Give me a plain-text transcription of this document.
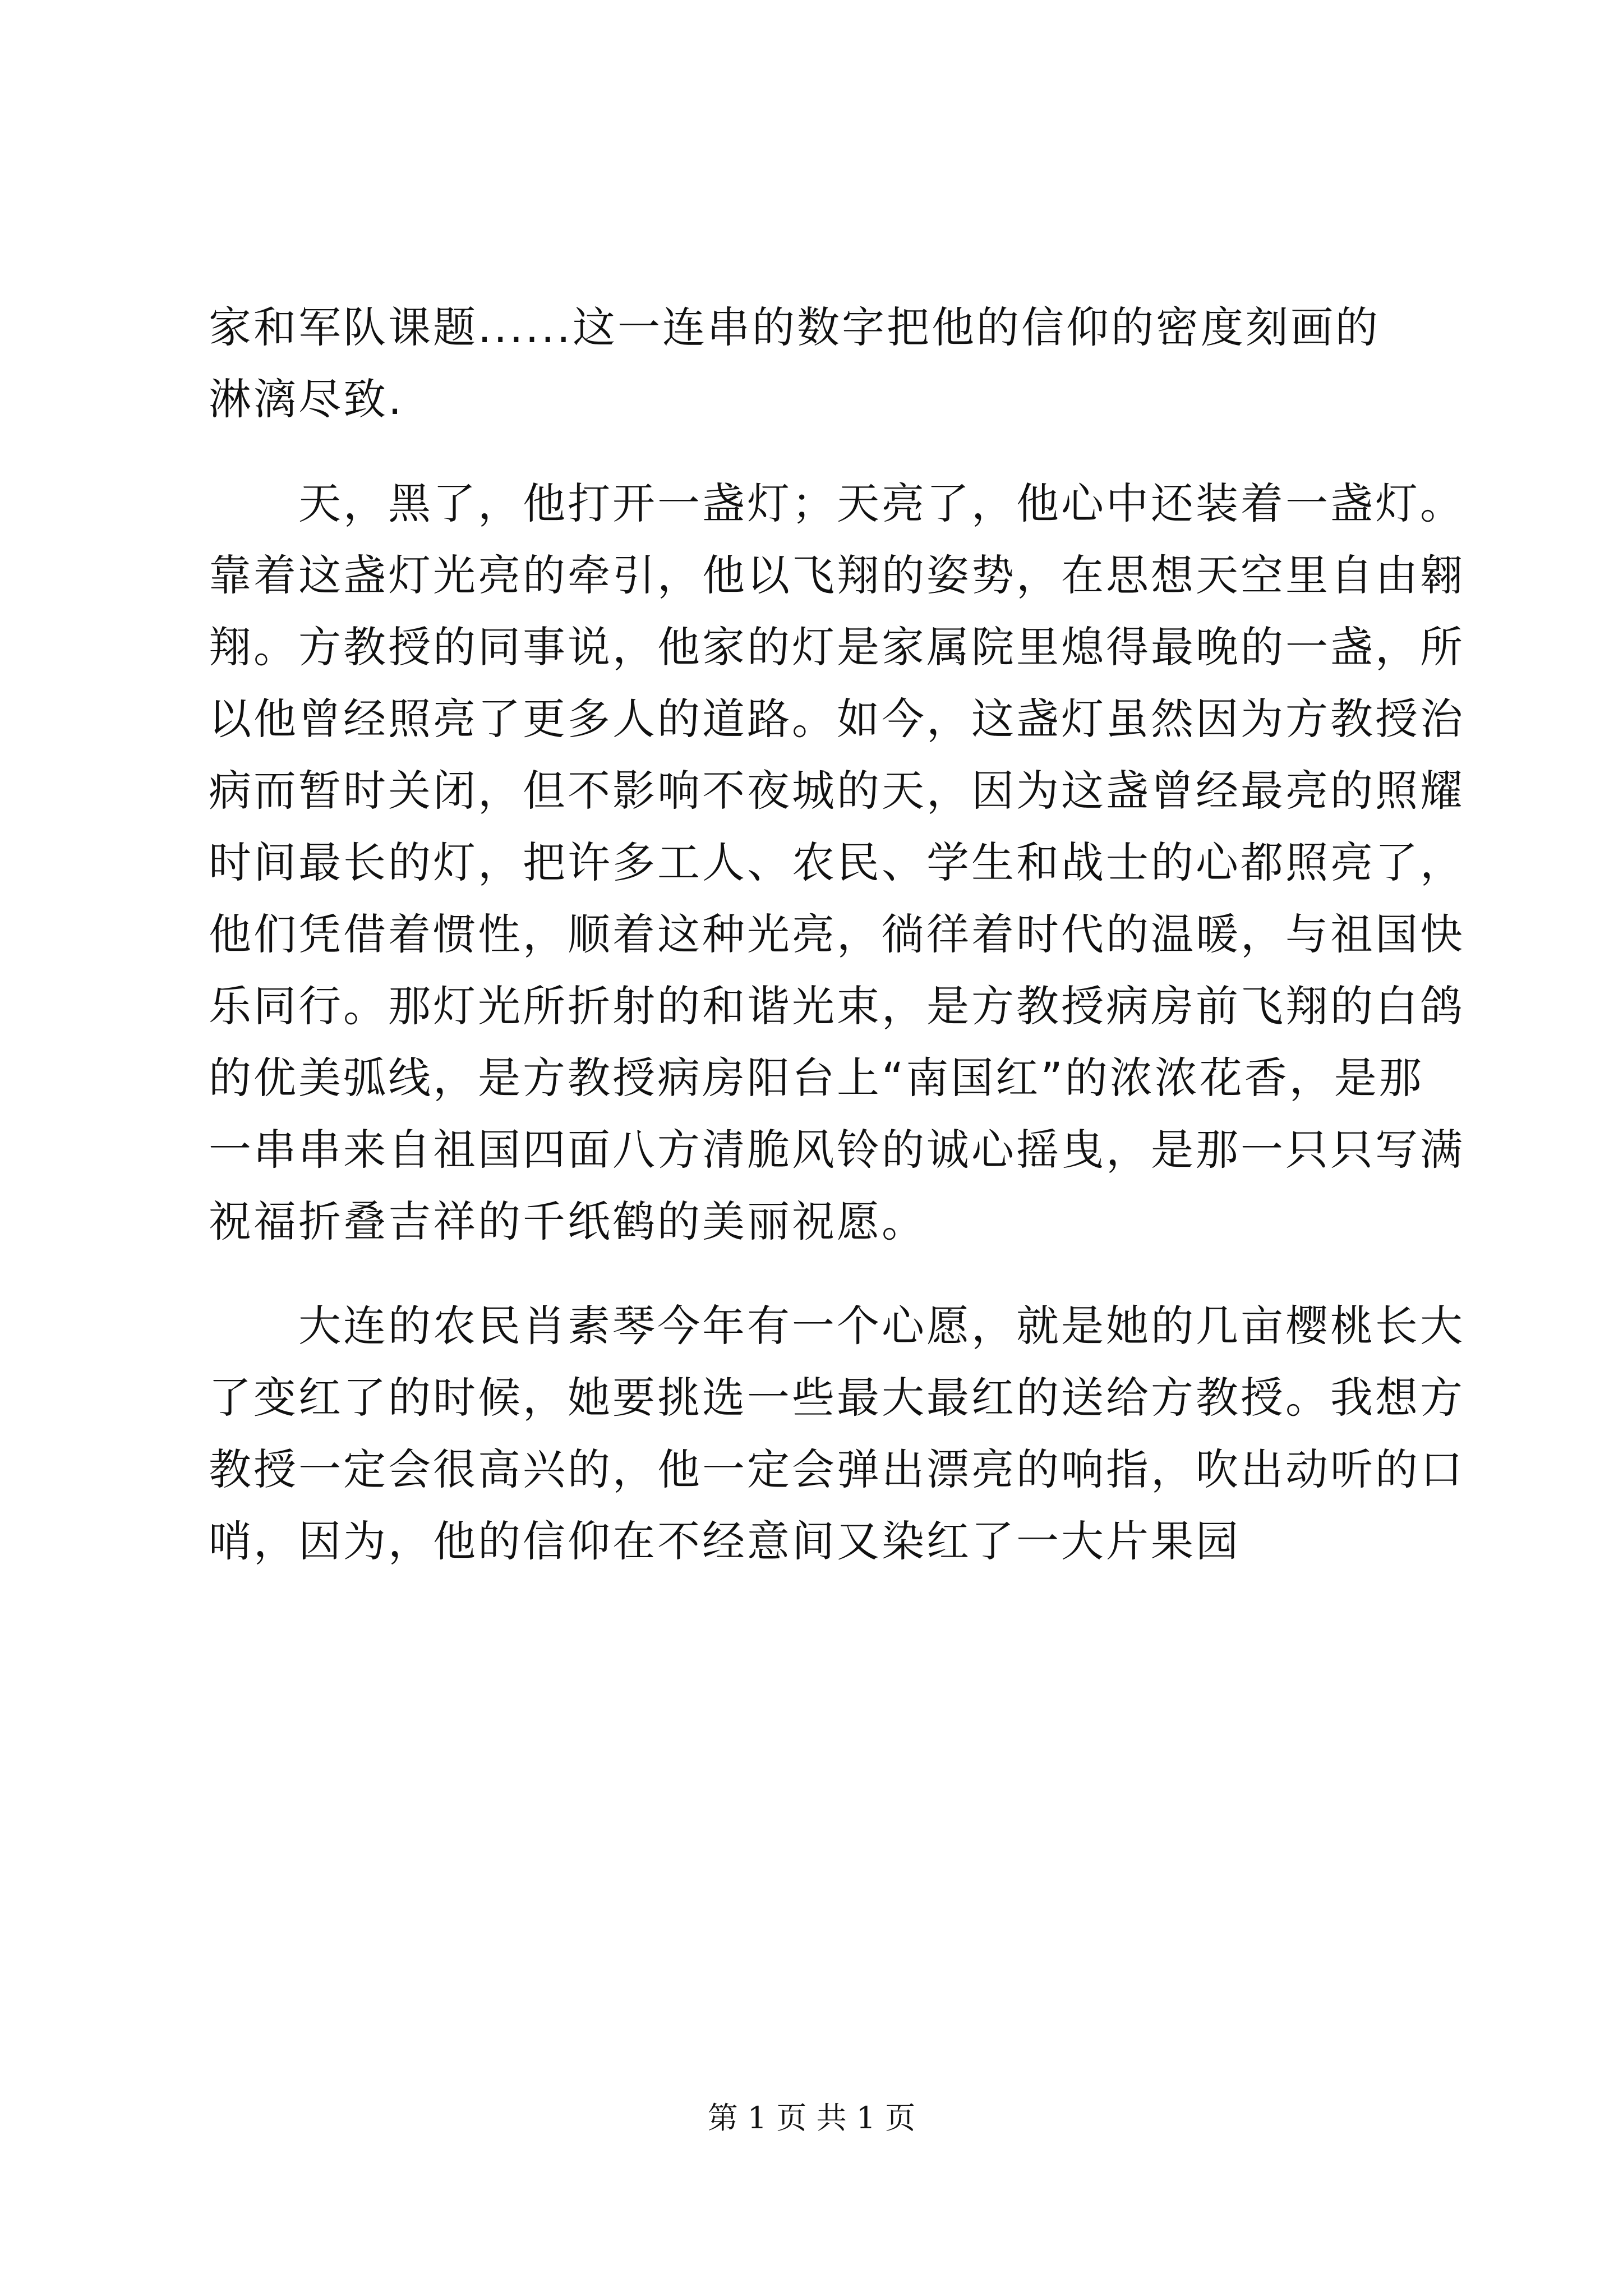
家和军队课题......这一连串的数字把他的信仰的密度刻画的
淋漓尽致.
　　天，黑了，他打开一盏灯；天亮了，他心中还装着一盏灯。
靠着这盏灯光亮的牵引，他以飞翔的姿势，在思想天空里自由翱
翔。方教授的同事说，他家的灯是家属院里熄得最晚的一盏，所
以他曾经照亮了更多人的道路。如今，这盏灯虽然因为方教授治
病而暂时关闭，但不影响不夜城的天，因为这盏曾经最亮的照耀
时间最长的灯，把许多工人、农民、学生和战士的心都照亮了，
他们凭借着惯性，顺着这种光亮，徜徉着时代的温暖，与祖国快
乐同行。那灯光所折射的和谐光束，是方教授病房前飞翔的白鸽
的优美弧线，是方教授病房阳台上“南国红”的浓浓花香，是那
一串串来自祖国四面八方清脆风铃的诚心摇曳，是那一只只写满
祝福折叠吉祥的千纸鹤的美丽祝愿。
　　大连的农民肖素琴今年有一个心愿，就是她的几亩樱桃长大
了变红了的时候，她要挑选一些最大最红的送给方教授。我想方
教授一定会很高兴的，他一定会弹出漂亮的响指，吹出动听的口
哨，因为，他的信仰在不经意间又染红了一大片果园
第 1 页 共 1 页
